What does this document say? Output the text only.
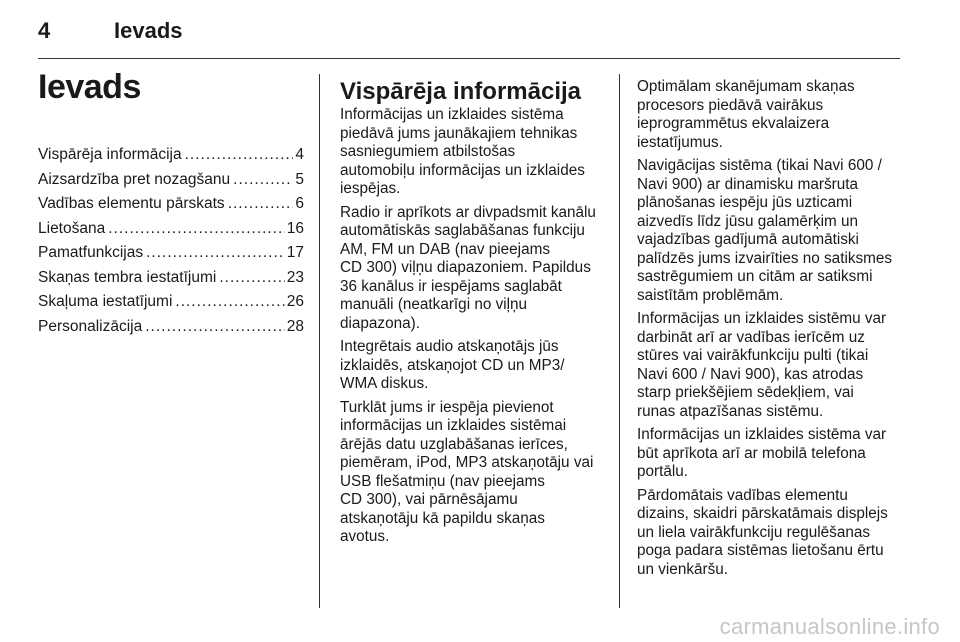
4	Ievads
Ievads
Vispārēja informācija .....	4
Aizsardzība pret nozagšanu .....	5
Vadības elementu pārskats .....	6
Lietošana .....	16
Pamatfunkcijas .....	17
Skaņas tembra iestatījumi .....	23
Skaļuma iestatījumi .....	26
Personalizācija .....	28
Vispārēja informācija

Informācijas un izklaides sistēma
piedāvā jums jaunākajiem tehnikas
sasniegumiem atbilstošas
automobiļu informācijas un izklaides
iespējas.

Radio ir aprīkots ar divpadsmit kanālu
automātiskās saglabāšanas funkciju
AM, FM un DAB (nav pieejams
CD 300) viļņu diapazoniem. Papildus
36 kanālus ir iespējams saglabāt
manuāli (neatkarīgi no viļņu
diapazona).

Integrētais audio atskaņotājs jūs
izklaidēs, atskaņojot CD un MP3/
WMA diskus.

Turklāt jums ir iespēja pievienot
informācijas un izklaides sistēmai
ārējās datu uzglabāšanas ierīces,
piemēram, iPod, MP3 atskaņotāju vai
USB flešatmiņu (nav pieejams
CD 300), vai pārnēsājamu
atskaņotāju kā papildu skaņas
avotus.

Optimālam skanējumam skaņas
procesors piedāvā vairākus
ieprogrammētus ekvalaizera
iestatījumus.

Navigācijas sistēma (tikai Navi 600 /
Navi 900) ar dinamisku maršruta
plānošanas iespēju jūs uzticami
aizvedīs līdz jūsu galamērķim un
vajadzības gadījumā automātiski
palīdzēs jums izvairīties no satiksmes
sastrēgumiem un citām ar satiksmi
saistītām problēmām.

Informācijas un izklaides sistēmu var
darbināt arī ar vadības ierīcēm uz
stūres vai vairākfunkciju pulti (tikai
Navi 600 / Navi 900), kas atrodas
starp priekšējiem sēdekļiem, vai
runas atpazīšanas sistēmu.

Informācijas un izklaides sistēma var
būt aprīkota arī ar mobilā telefona
portālu.

Pārdomātais vadības elementu
dizains, skaidri pārskatāmais displejs
un liela vairākfunkciju regulēšanas
poga padara sistēmas lietošanu ērtu
un vienkāršu.

carmanualsonline.info
